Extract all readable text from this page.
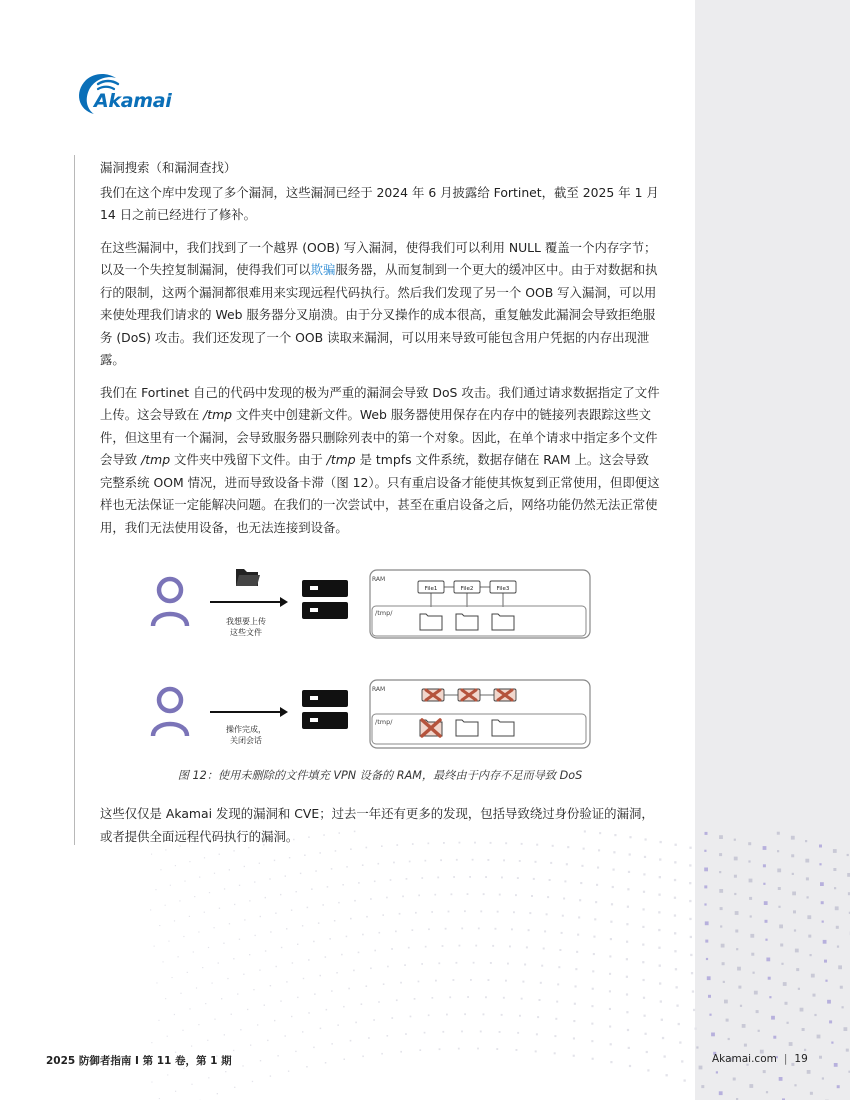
Akamai
漏洞搜索（和漏洞查找）

我们在这个库中发现了多个漏洞，这些漏洞已经于 2024 年 6 月披露给 Fortinet，截至 2025 年 1 月 14 日之前已经进行了修补。

在这些漏洞中，我们找到了一个越界 (OOB) 写入漏洞，使得我们可以利用 NULL 覆盖一个内存字节；以及一个失控复制漏洞，使得我们可以欺骗服务器，从而复制到一个更大的缓冲区中。由于对数据和执行的限制，这两个漏洞都很难用来实现远程代码执行。然后我们发现了另一个 OOB 写入漏洞，可以用来使处理我们请求的 Web 服务器分叉崩溃。由于分叉操作的成本很高，重复触发此漏洞会导致拒绝服务 (DoS) 攻击。我们还发现了一个 OOB 读取来漏洞，可以用来导致可能包含用户凭据的内存出现泄露。

我们在 Fortinet 自己的代码中发现的极为严重的漏洞会导致 DoS 攻击。我们通过请求数据指定了文件上传。这会导致在 /tmp 文件夹中创建新文件。Web 服务器使用保存在内存中的链接列表跟踪这些文件，但这里有一个漏洞，会导致服务器只删除列表中的第一个对象。因此，在单个请求中指定多个文件会导致 /tmp 文件夹中残留下文件。由于 /tmp 是 tmpfs 文件系统，数据存储在 RAM 上。这会导致完整系统 OOM 情况，进而导致设备卡滞（图 12）。只有重启设备才能使其恢复到正常使用，但即便这样也无法保证一定能解决问题。在我们的一次尝试中，甚至在重启设备之后，网络功能仍然无法正常使用，我们无法使用设备，也无法连接到设备。

我想要上传
这些文件
RAM
File1	File2	File3
/tmp/
操作完成，
关闭会话
RAM
/tmp/
图 12：使用未删除的文件填充 VPN 设备的 RAM，最终由于内存不足而导致 DoS

这些仅仅是 Akamai 发现的漏洞和 CVE；过去一年还有更多的发现，包括导致绕过身份验证的漏洞，或者提供全面远程代码执行的漏洞。

2025 防御者指南 I 第 11 卷，第 1 期	Akamai.com | 19
